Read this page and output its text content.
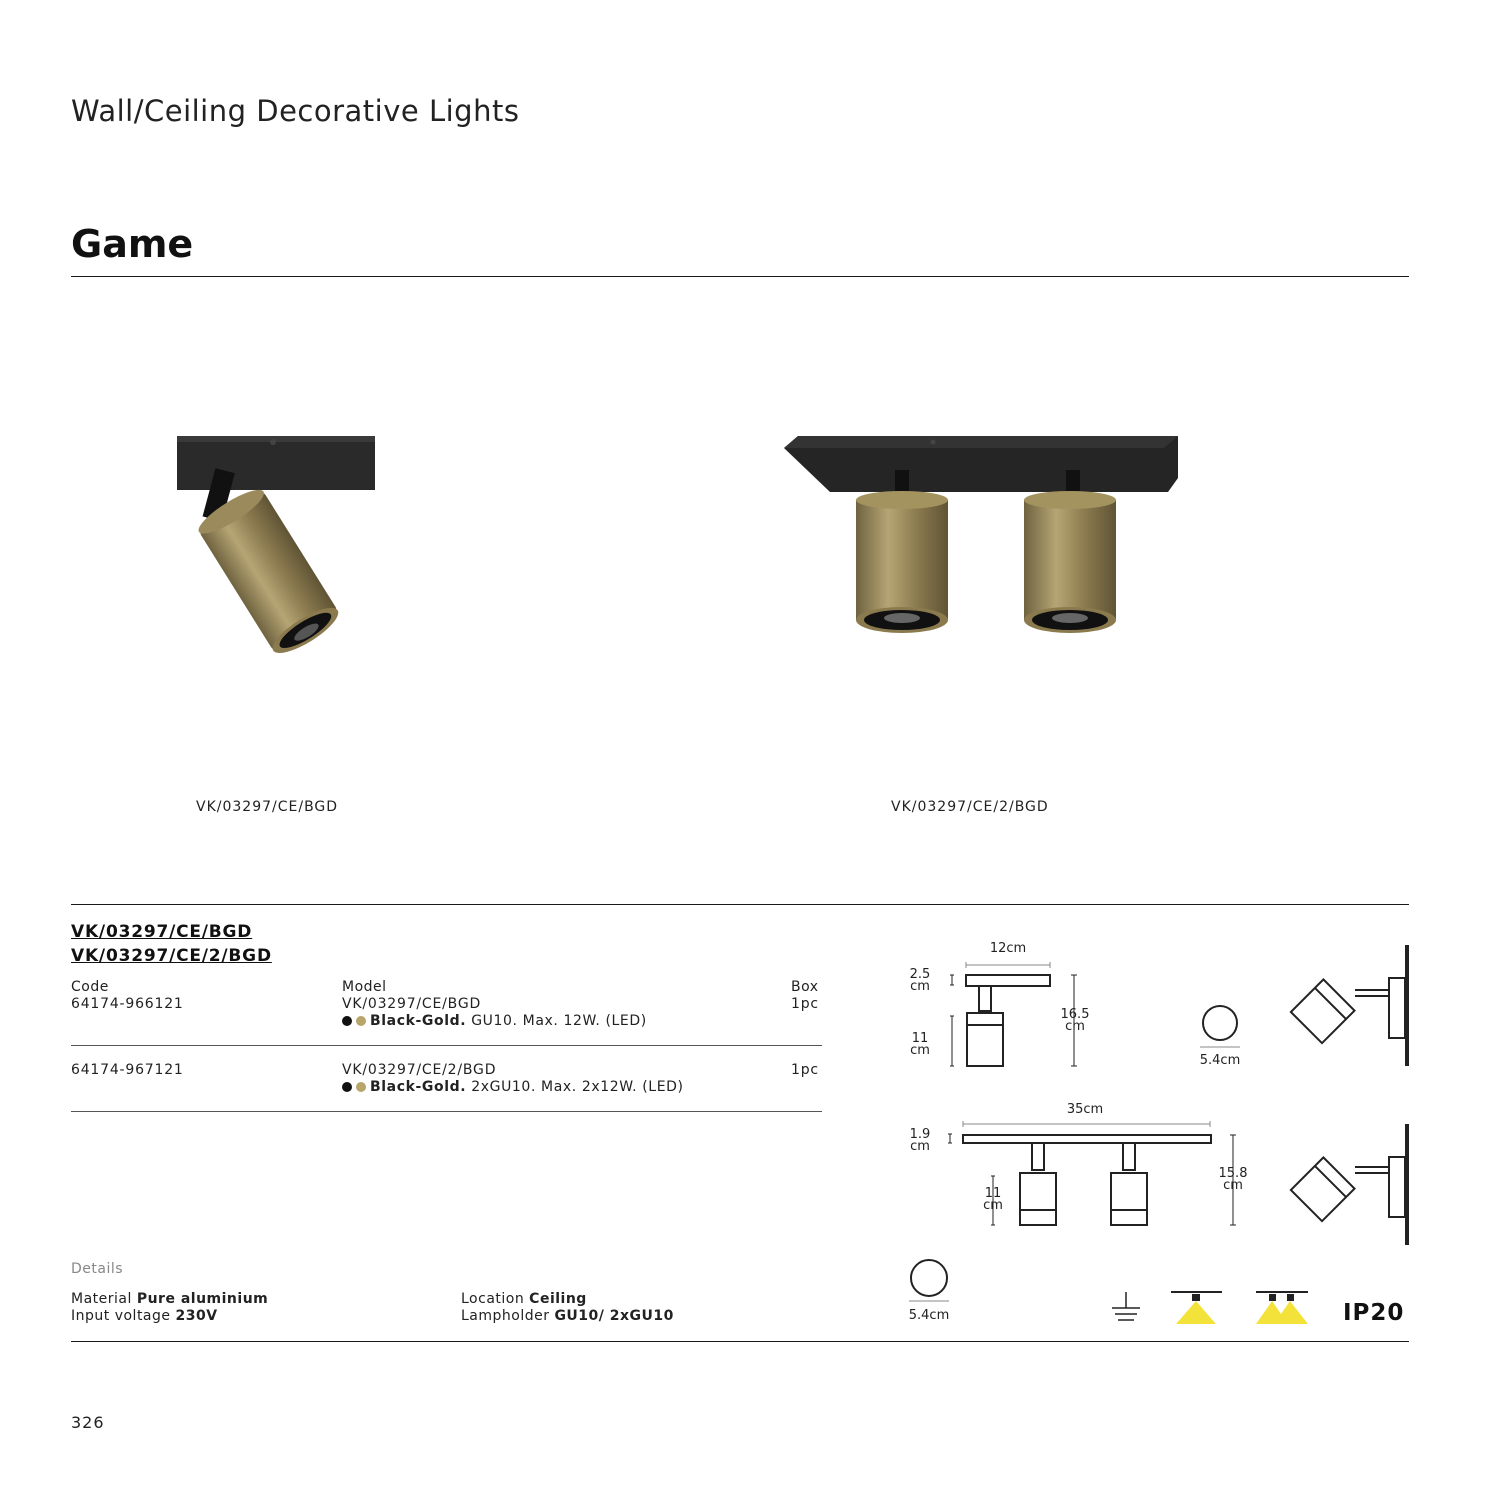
Wall/Ceiling Decorative Lights
Game
VK/03297/CE/BGD	VK/03297/CE/2/BGD
VK/03297/CE/BGD
VK/03297/CE/2/BGD
Code	Model	Box
64174-966121	VK/03297/CE/BGD	1pc
Black-Gold. GU10. Max. 12W. (LED)
64174-967121	VK/03297/CE/2/BGD	1pc
Black-Gold. 2xGU10. Max. 2x12W. (LED)
12cm
2.5
cm
11
cm
16.5
cm
5.4cm
35cm
1.9
cm
11
cm
15.8
cm
5.4cm
Details
Material Pure aluminium
Input voltage 230V
Location Ceiling
Lampholder GU10/ 2xGU10	IP20
326
